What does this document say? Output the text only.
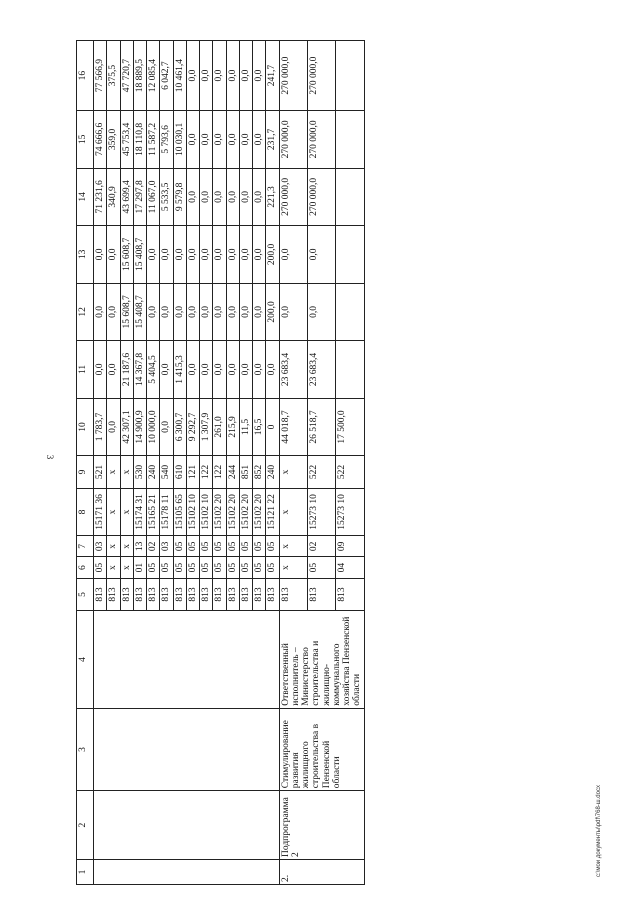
3
1	2	3	4	5	6	7	8	9	10	11	12	13	14	15	16
				813	05	03	15171 36	521	1 783,7	0,0	0,0	0,0	71 231,6	74 666,6	77 566,9
				813	x	x	x	x	0,0	0,0	0,0	0,0	340,9	359,0	375,5
				813	x	x	x	x	42 307,1	21 187,6	15 608,7	15 608,7	43 699,4	45 753,4	47 720,7
				813	01	13	15174 31	530	14 900,9	14 367,8	15 408,7	15 408,7	17 297,8	18 110,8	18 889,5
				813	05	02	15165 21	240	10 000,0	5 404,5	0,0	0,0	11 067,0	11 587,2	12 085,4
				813	05	03	15178 11	540	0,0	0,0	0,0	0,0	5 533,5	5 793,6	6 042,7
				813	05	05	15105 65	610	6 300,7	1 415,3	0,0	0,0	9 579,8	10 030,1	10 461,4
				813	05	05	15102 10	121	9 292,7	0,0	0,0	0,0	0,0	0,0	0,0
				813	05	05	15102 10	122	1 307,9	0,0	0,0	0,0	0,0	0,0	0,0
				813	05	05	15102 20	122	261,0	0,0	0,0	0,0	0,0	0,0	0,0
				813	05	05	15102 20	244	215,9	0,0	0,0	0,0	0,0	0,0	0,0
				813	05	05	15102 20	851	11,5	0,0	0,0	0,0	0,0	0,0	0,0
				813	05	05	15102 20	852	16,5	0,0	0,0	0,0	0,0	0,0	0,0
				813	05	05	15121 22	240	0	0,0	200,0	200,0	221,3	231,7	241,7
2.	Подпрограмма 2	Стимулирование развития жилищного строительства в Пензенской области	Ответственный исполнитель – Министерство строительства и жилищно-коммунального хозяйства Пензенской области	813	x	x	x	x	44 018,7	23 683,4	0,0	0,0	270 000,0	270 000,0	270 000,0
				813	05	02	15273 10	522	26 518,7	23 683,4	0,0	0,0	270 000,0	270 000,0	270 000,0
				813	04	09	15273 10	522	17 500,0						
c:\мои документы\pdf\768-ш.docx
